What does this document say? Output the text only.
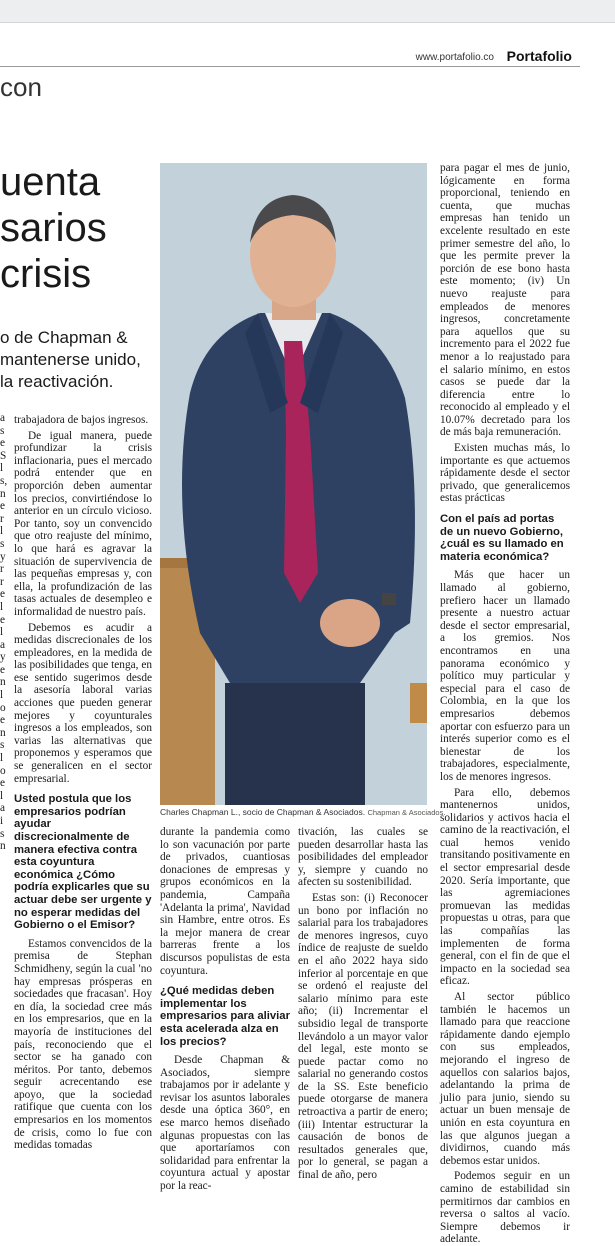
www.portafolio.co Portafolio
con
uenta
sarios
crisis
o de Chapman &
mantenerse unido,
la reactivación.
a
s
e
S
l
s,
n
e
r
l
s
y
r
r
e
l
e
l
a
y
e
n
l
o
e
n
s
l
o
e
l
a
i
s
n

trabajadora de bajos ingresos.

De igual manera, puede profundizar la crisis inflacionaria, pues el mercado podrá entender que en proporción deben aumentar los precios, convirtiéndose lo anterior en un círculo vicioso. Por tanto, soy un convencido que otro reajuste del mínimo, lo que hará es agravar la situación de supervivencia de las pequeñas empresas y, con ella, la profundización de las tasas actuales de desempleo e informalidad de nuestro país.

Debemos es acudir a medidas discrecionales de los empleadores, en la medida de las posibilidades que tenga, en ese sentido sugerimos desde la asesoría laboral varias acciones que pueden generar mejores y coyunturales ingresos a los empleados, son varias las alternativas que proponemos y esperamos que se generalicen en el sector empresarial.

Usted postula que los empresarios podrían ayudar discrecionalmente de manera efectiva contra esta coyuntura económica ¿Cómo podría explicarles que su actuar debe ser urgente y no esperar medidas del Gobierno o el Emisor?

Estamos convencidos de la premisa de Stephan Schmidheny, según la cual 'no hay empresas prósperas en sociedades que fracasan'. Hoy en día, la sociedad cree más en los empresarios, que en la mayoría de instituciones del país, reconociendo que el sector se ha ganado con méritos. Por tanto, debemos seguir acrecentando ese apoyo, que la sociedad ratifique que cuenta con los empresarios en los momentos de crisis, como lo fue con medidas tomadas

Charles Chapman L., socio de Chapman & Asociados. Chapman & Asociados.

durante la pandemia como lo son vacunación por parte de privados, cuantiosas donaciones de empresas y grupos económicos en la pandemia, Campaña 'Adelanta la prima', Navidad sin Hambre, entre otros. Es la mejor manera de crear barreras frente a los discursos populistas de esta coyuntura.

¿Qué medidas deben implementar los empresarios para aliviar esta acelerada alza en los precios?

Desde Chapman & Asociados, siempre trabajamos por ir adelante y revisar los asuntos laborales desde una óptica 360°, en ese marco hemos diseñado algunas propuestas con las que aportaríamos con solidaridad para enfrentar la coyuntura actual y apostar por la reac-

tivación, las cuales se pueden desarrollar hasta las posibilidades del empleador y, siempre y cuando no afecten su sostenibilidad.

Estas son: (i) Reconocer un bono por inflación no salarial para los trabajadores de menores ingresos, cuyo índice de reajuste de sueldo en el año 2022 haya sido inferior al porcentaje en que se ordenó el reajuste del salario mínimo para este año; (ii) Incrementar el subsidio legal de transporte llevándolo a un mayor valor del legal, este monto se puede pactar como no salarial no generando costos de la SS. Este beneficio puede otorgarse de manera retroactiva a partir de enero; (iii) Intentar estructurar la causación de bonos de resultados generales que, por lo general, se pagan a final de año, pero

para pagar el mes de junio, lógicamente en forma proporcional, teniendo en cuenta, que muchas empresas han tenido un excelente resultado en este primer semestre del año, lo que les permite prever la porción de ese bono hasta este momento; (iv) Un nuevo reajuste para empleados de menores ingresos, concretamente para aquellos que su incremento para el 2022 fue menor a lo reajustado para el salario mínimo, en estos casos se puede dar la diferencia entre lo reconocido al empleado y el 10.07% decretado para los de más baja remuneración.

Existen muchas más, lo importante es que actuemos rápidamente desde el sector privado, que generalicemos estas prácticas

Con el país ad portas de un nuevo Gobierno, ¿cuál es su llamado en materia económica?

Más que hacer un llamado al gobierno, prefiero hacer un llamado presente a nuestro actuar desde el sector empresarial, a los gremios. Nos encontramos en una panorama económico y político muy particular y especial para el caso de Colombia, en la que los empresarios debemos aportar con esfuerzo para un interés superior como es el bienestar de los trabajadores, especialmente, los de menores ingresos.

Para ello, debemos mantenernos unidos, solidarios y activos hacia el camino de la reactivación, el cual hemos venido transitando positivamente en el sector empresarial desde 2020. Sería importante, que las agremiaciones promuevan las medidas propuestas u otras, para que las compañías las implementen de forma general, con el fin de que el impacto en la sociedad sea eficaz.

Al sector público también le hacemos un llamado para que reaccione rápidamente dando ejemplo con sus empleados, mejorando el ingreso de aquellos con salarios bajos, adelantando la prima de julio para junio, siendo su actuar un buen mensaje de unión en esta coyuntura en las que algunos juegan a dividirnos, cuando más debemos estar unidos.

Podemos seguir en un camino de estabilidad sin permitirnos dar cambios en reversa o saltos al vacío. Siempre debemos ir adelante.
